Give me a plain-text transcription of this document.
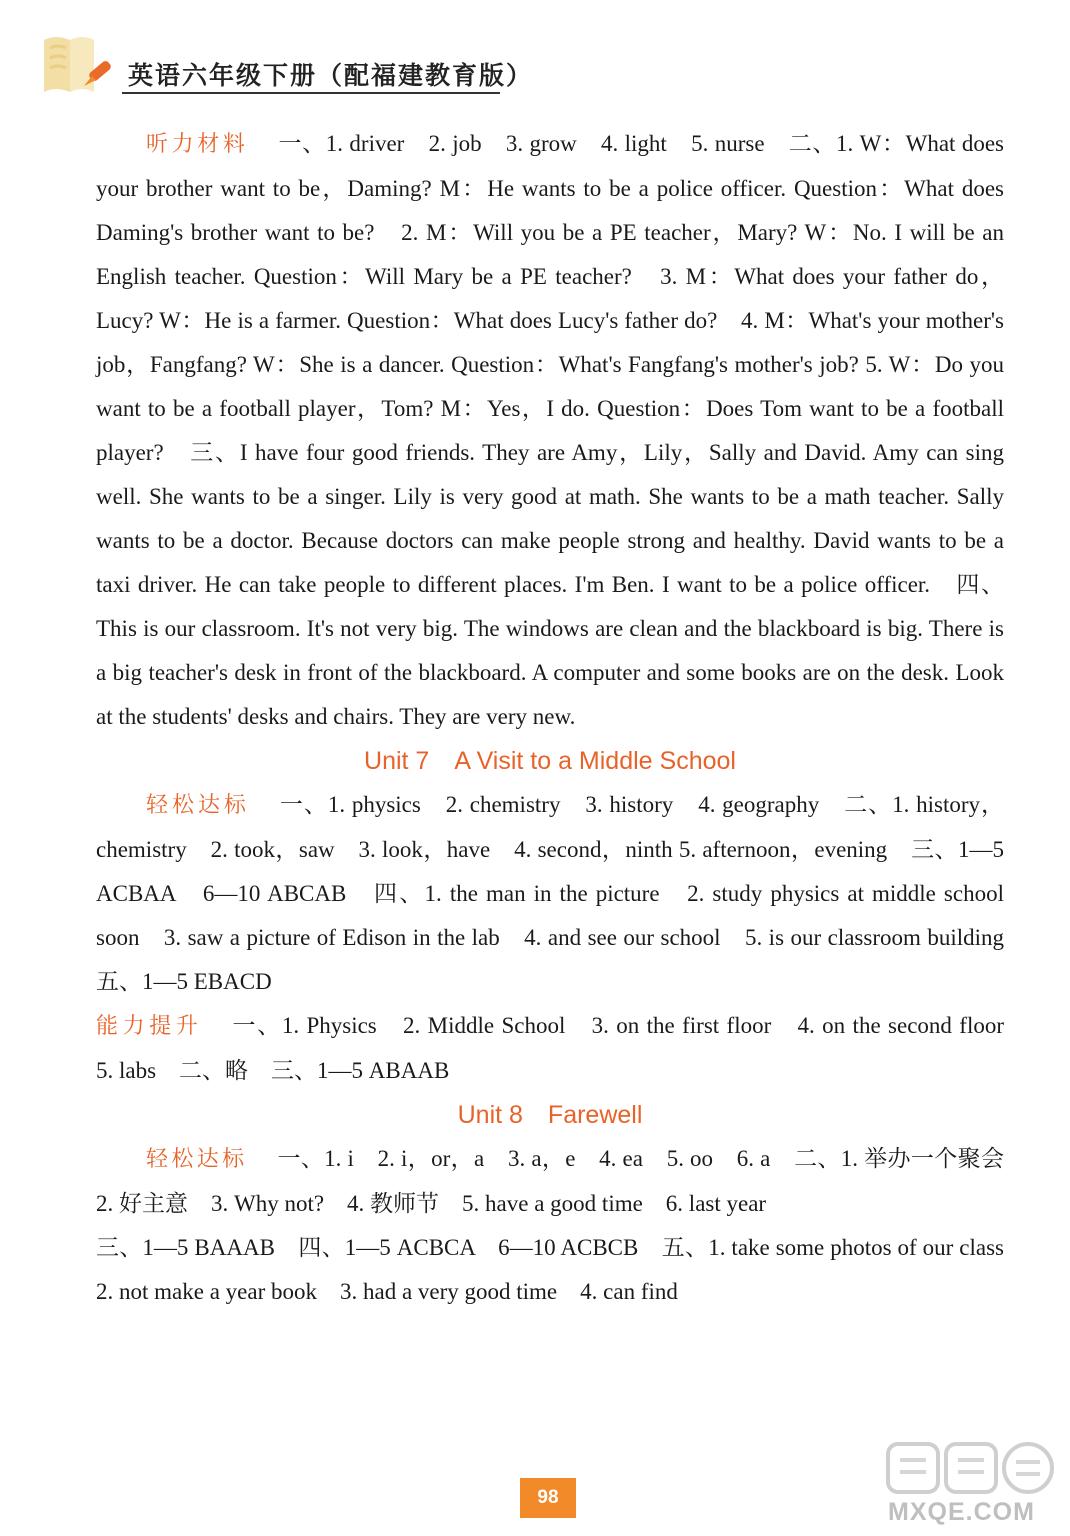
英语六年级下册（配福建教育版）

听力材料 一、1. driver　2. job　3. grow　4. light　5. nurse　二、1. W：What does your brother want to be，Daming? M：He wants to be a police officer. Question：What does Daming's brother want to be?　2. M：Will you be a PE teacher，Mary? W：No. I will be an English teacher. Question：Will Mary be a PE teacher?　3. M：What does your father do，Lucy? W：He is a farmer. Question：What does Lucy's father do?　4. M：What's your mother's job，Fangfang? W：She is a dancer. Question：What's Fangfang's mother's job? 5. W：Do you want to be a football player，Tom? M：Yes，I do. Question：Does Tom want to be a football player?　三、I have four good friends. They are Amy，Lily，Sally and David. Amy can sing well. She wants to be a singer. Lily is very good at math. She wants to be a math teacher. Sally wants to be a doctor. Because doctors can make people strong and healthy. David wants to be a taxi driver. He can take people to different places. I'm Ben. I want to be a police officer.　四、This is our classroom. It's not very big. The windows are clean and the blackboard is big. There is a big teacher's desk in front of the blackboard. A computer and some books are on the desk. Look at the students' desks and chairs. They are very new.

Unit 7　A Visit to a Middle School

轻松达标 一、1. physics　2. chemistry　3. history　4. geography　二、1. history，chemistry　2. took，saw　3. look，have　4. second，ninth 5. afternoon，evening　三、1—5 ACBAA　6—10 ABCAB　四、1. the man in the picture　2. study physics at middle school soon　3. saw a picture of Edison in the lab　4. and see our school　5. is our classroom building　五、1—5 EBACD

能力提升 一、1. Physics　2. Middle School　3. on the first floor　4. on the second floor　5. labs　二、略　三、1—5 ABAAB

Unit 8　Farewell

轻松达标 一、1. i　2. i，or，a　3. a，e　4. ea　5. oo　6. a　二、1. 举办一个聚会　2. 好主意　3. Why not?　4. 教师节　5. have a good time　6. last year

三、1—5 BAAAB　四、1—5 ACBCA　6—10 ACBCB　五、1. take some photos of our class　2. not make a year book　3. had a very good time　4. can find

98
MXQE.COM
